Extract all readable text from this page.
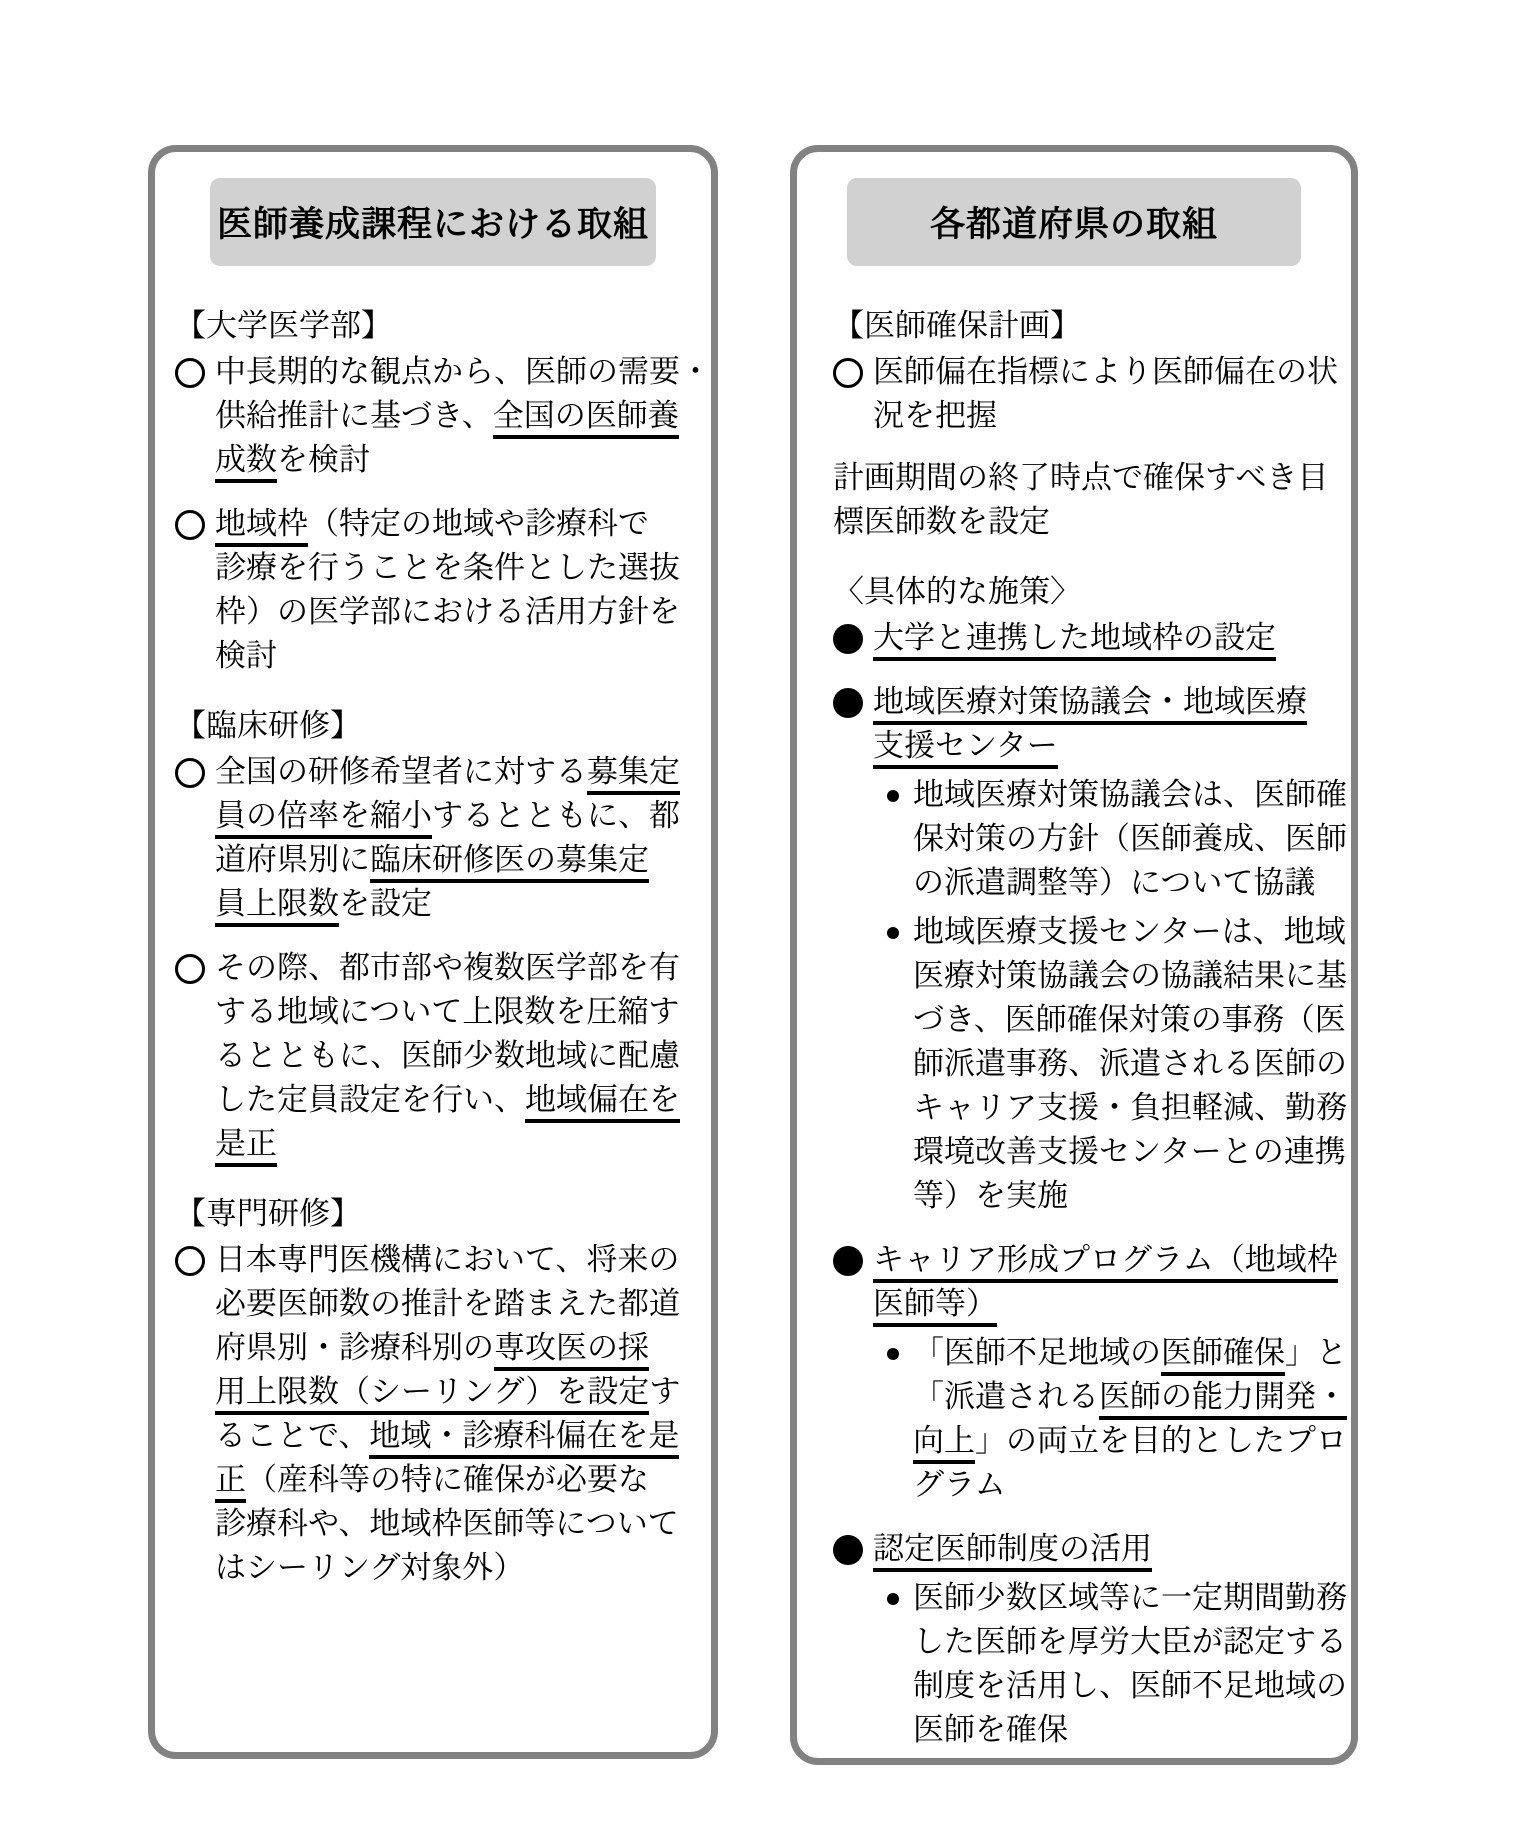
医師養成課程における取組
【大学医学部】
中長期的な観点から、医師の需要・
供給推計に基づき、全国の医師養
成数を検討
地域枠（特定の地域や診療科で
診療を行うことを条件とした選抜
枠）の医学部における活用方針を
検討
【臨床研修】
全国の研修希望者に対する募集定
員の倍率を縮小するとともに、都
道府県別に臨床研修医の募集定
員上限数を設定
その際、都市部や複数医学部を有
する地域について上限数を圧縮す
るとともに、医師少数地域に配慮
した定員設定を行い、地域偏在を
是正
【専門研修】
日本専門医機構において、将来の
必要医師数の推計を踏まえた都道
府県別・診療科別の専攻医の採
用上限数（シーリング）を設定す
ることで、地域・診療科偏在を是
正（産科等の特に確保が必要な
診療科や、地域枠医師等について
はシーリング対象外）
各都道府県の取組
【医師確保計画】
医師偏在指標により医師偏在の状
況を把握
計画期間の終了時点で確保すべき目
標医師数を設定
〈具体的な施策〉
大学と連携した地域枠の設定
地域医療対策協議会・地域医療
支援センター
地域医療対策協議会は、医師確
保対策の方針（医師養成、医師
の派遣調整等）について協議
地域医療支援センターは、地域
医療対策協議会の協議結果に基
づき、医師確保対策の事務（医
師派遣事務、派遣される医師の
キャリア支援・負担軽減、勤務
環境改善支援センターとの連携
等）を実施
キャリア形成プログラム（地域枠
医師等）
「医師不足地域の医師確保」と
「派遣される医師の能力開発・
向上」の両立を目的としたプロ
グラム
認定医師制度の活用
医師少数区域等に一定期間勤務
した医師を厚労大臣が認定する
制度を活用し、医師不足地域の
医師を確保
